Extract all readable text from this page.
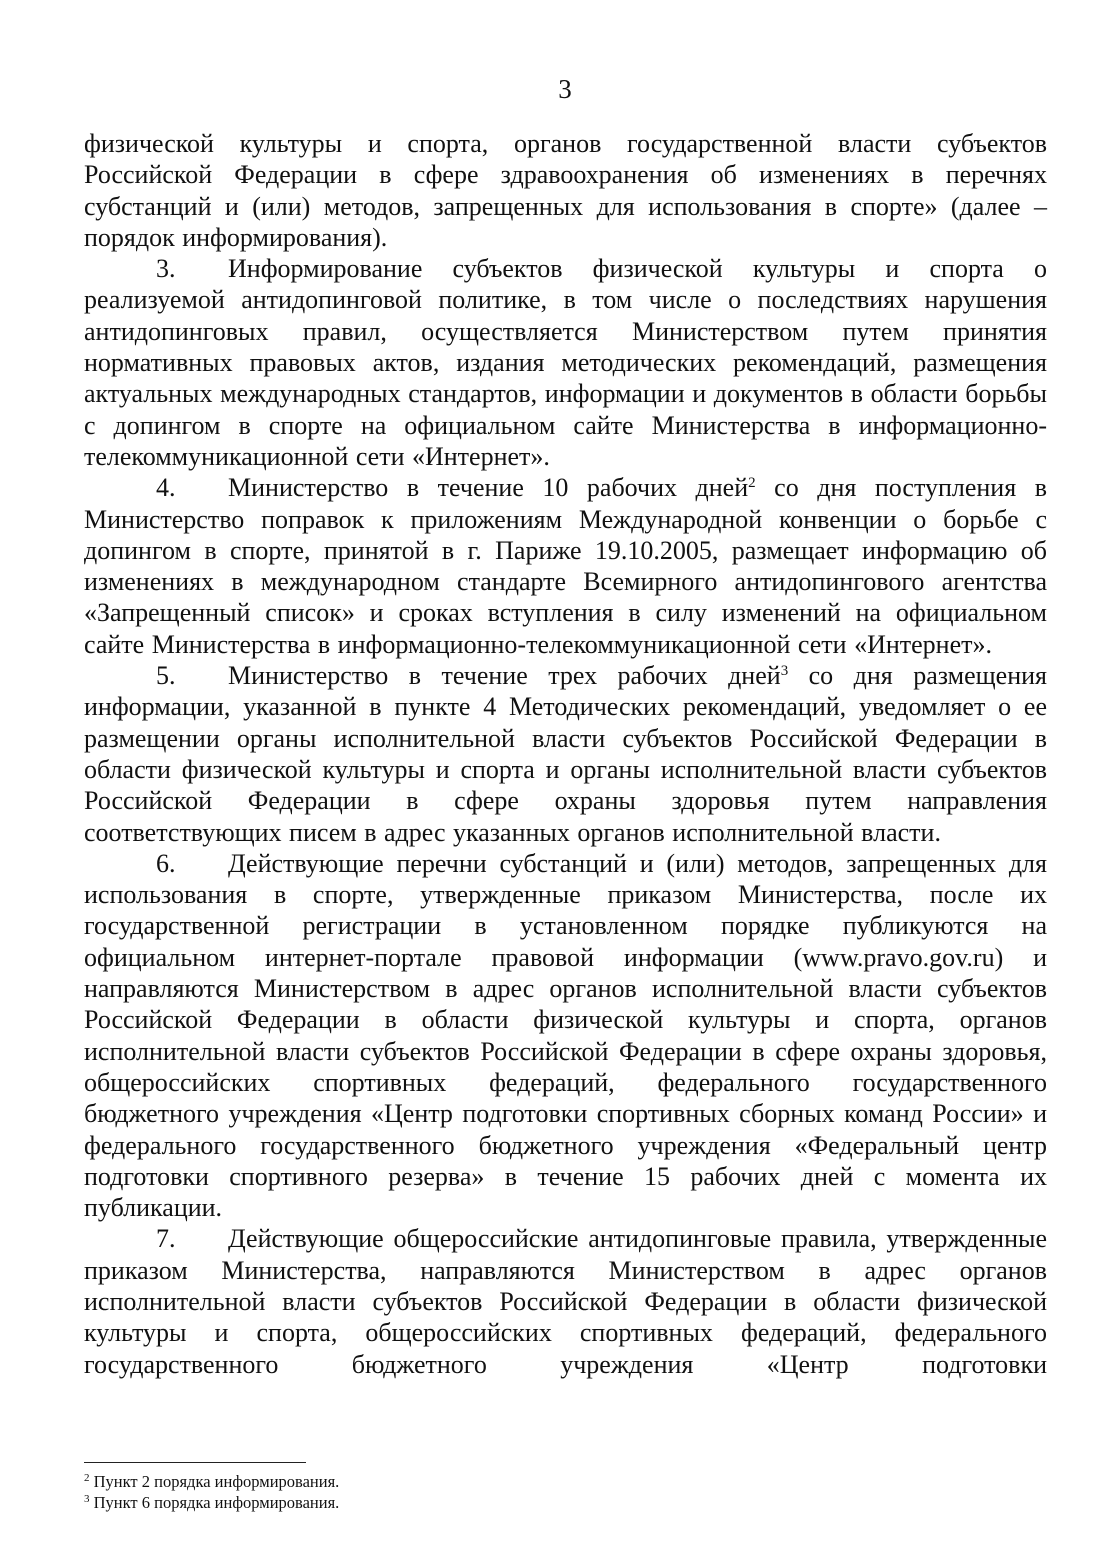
3

физической культуры и спорта, органов государственной власти субъектов Российской Федерации в сфере здравоохранения об изменениях в перечнях субстанций и (или) методов, запрещенных для использования в спорте» (далее – порядок информирования).

3. Информирование субъектов физической культуры и спорта о реализуемой антидопинговой политике, в том числе о последствиях нарушения антидопинговых правил, осуществляется Министерством путем принятия нормативных правовых актов, издания методических рекомендаций, размещения актуальных международных стандартов, информации и документов в области борьбы с допингом в спорте на официальном сайте Министерства в информационно-телекоммуникационной сети «Интернет».

4. Министерство в течение 10 рабочих дней$^2$ со дня поступления в Министерство поправок к приложениям Международной конвенции о борьбе с допингом в спорте, принятой в г. Париже 19.10.2005, размещает информацию об изменениях в международном стандарте Всемирного антидопингового агентства «Запрещенный список» и сроках вступления в силу изменений на официальном сайте Министерства в информационно-телекоммуникационной сети «Интернет».

5. Министерство в течение трех рабочих дней$^3$ со дня размещения информации, указанной в пункте 4 Методических рекомендаций, уведомляет о ее размещении органы исполнительной власти субъектов Российской Федерации в области физической культуры и спорта и органы исполнительной власти субъектов Российской Федерации в сфере охраны здоровья путем направления соответствующих писем в адрес указанных органов исполнительной власти.

6. Действующие перечни субстанций и (или) методов, запрещенных для использования в спорте, утвержденные приказом Министерства, после их государственной регистрации в установленном порядке публикуются на официальном интернет-портале правовой информации (www.pravo.gov.ru) и направляются Министерством в адрес органов исполнительной власти субъектов Российской Федерации в области физической культуры и спорта, органов исполнительной власти субъектов Российской Федерации в сфере охраны здоровья, общероссийских спортивных федераций, федерального государственного бюджетного учреждения «Центр подготовки спортивных сборных команд России» и федерального государственного бюджетного учреждения «Федеральный центр подготовки спортивного резерва» в течение 15 рабочих дней с момента их публикации.

7. Действующие общероссийские антидопинговые правила, утвержденные приказом Министерства, направляются Министерством в адрес органов исполнительной власти субъектов Российской Федерации в области физической культуры и спорта, общероссийских спортивных федераций, федерального государственного бюджетного учреждения «Центр подготовки

$^2$ Пункт 2 порядка информирования.

$^3$ Пункт 6 порядка информирования.
